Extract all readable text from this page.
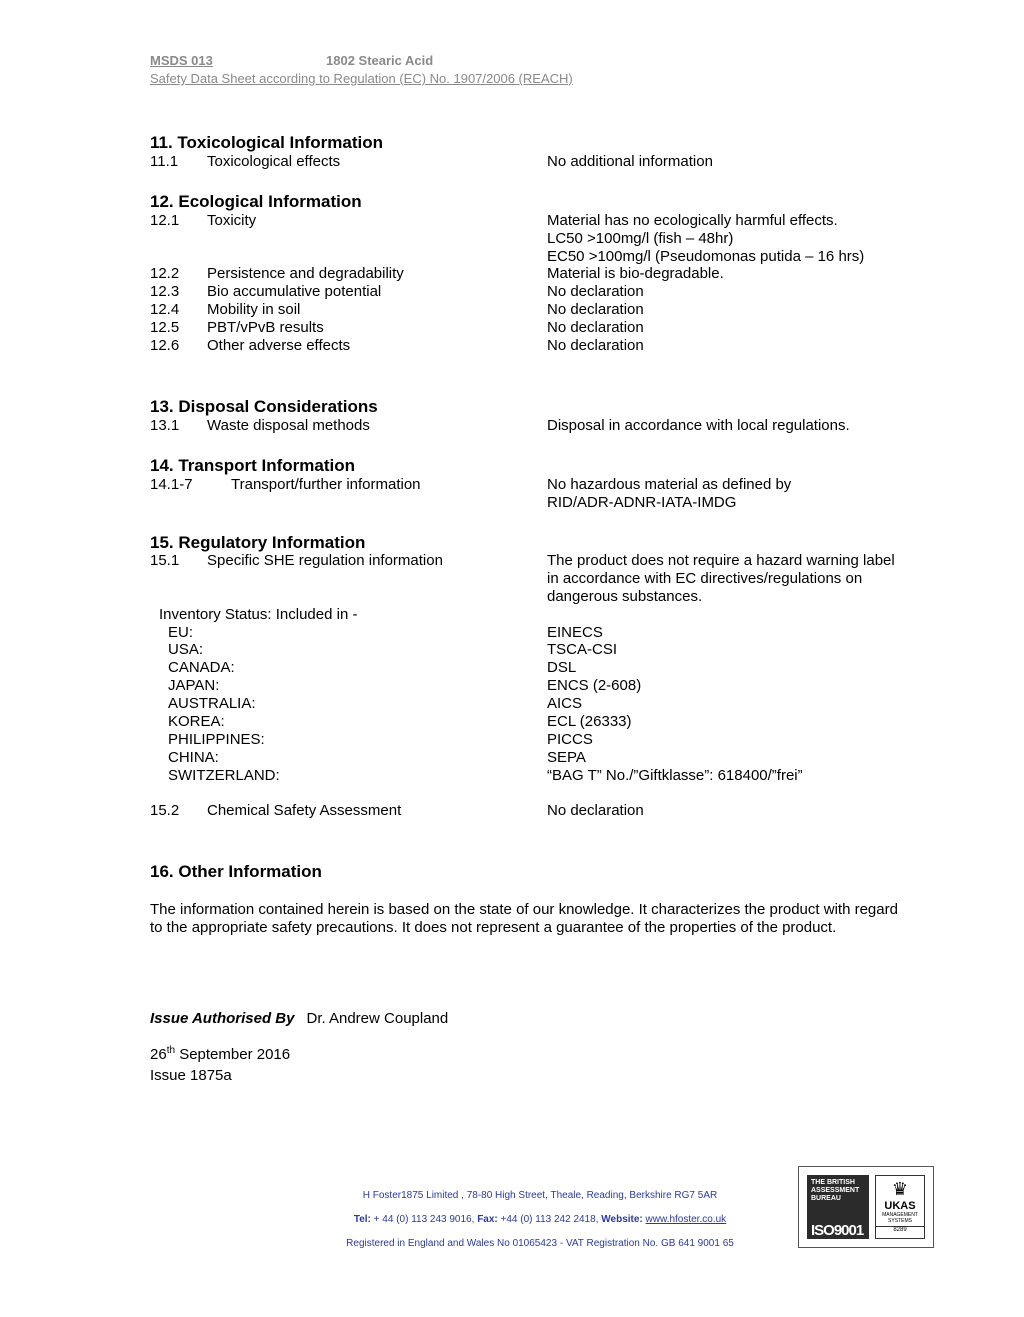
MSDS 013	1802 Stearic Acid
Safety Data Sheet according to Regulation (EC) No. 1907/2006 (REACH)
11. Toxicological Information
11.1 Toxicological effects	No additional information
12. Ecological Information
12.1 Toxicity	Material has no ecologically harmful effects.
LC50 >100mg/l (fish – 48hr)
EC50 >100mg/l (Pseudomonas putida – 16 hrs)
12.2 Persistence and degradability	Material is bio-degradable.
12.3 Bio accumulative potential	No declaration
12.4 Mobility in soil	No declaration
12.5 PBT/vPvB results	No declaration
12.6 Other adverse effects	No declaration
13. Disposal Considerations
13.1 Waste disposal methods	Disposal in accordance with local regulations.
14. Transport Information
14.1-7	Transport/further information	No hazardous material as defined by
RID/ADR-ADNR-IATA-IMDG
15. Regulatory Information
15.1 Specific SHE regulation information	The product does not require a hazard warning label
in accordance with EC directives/regulations on
dangerous substances.
Inventory Status: Included in -
EU:	EINECS
USA:	TSCA-CSI
CANADA:	DSL
JAPAN:	ENCS (2-608)
AUSTRALIA:	AICS
KOREA:	ECL (26333)
PHILIPPINES:	PICCS
CHINA:	SEPA
SWITZERLAND:	“BAG T” No./”Giftklasse”: 618400/”frei”
15.2 Chemical Safety Assessment	No declaration
16. Other Information
The information contained herein is based on the state of our knowledge. It characterizes the product with regard to the appropriate safety precautions. It does not represent a guarantee of the properties of the product.
Issue Authorised By Dr. Andrew Coupland
26th September 2016
Issue 1875a
H Foster1875 Limited , 78-80 High Street, Theale, Reading, Berkshire RG7 5AR
Tel: + 44 (0) 113 243 9016, Fax: +44 (0) 113 242 2418, Website: www.hfoster.co.uk
Registered in England and Wales No 01065423 - VAT Registration No. GB 641 9001 65
THE BRITISH
ASSESSMENT
BUREAU
ISO9001
♛
UKAS
MANAGEMENT SYSTEMS
8289
